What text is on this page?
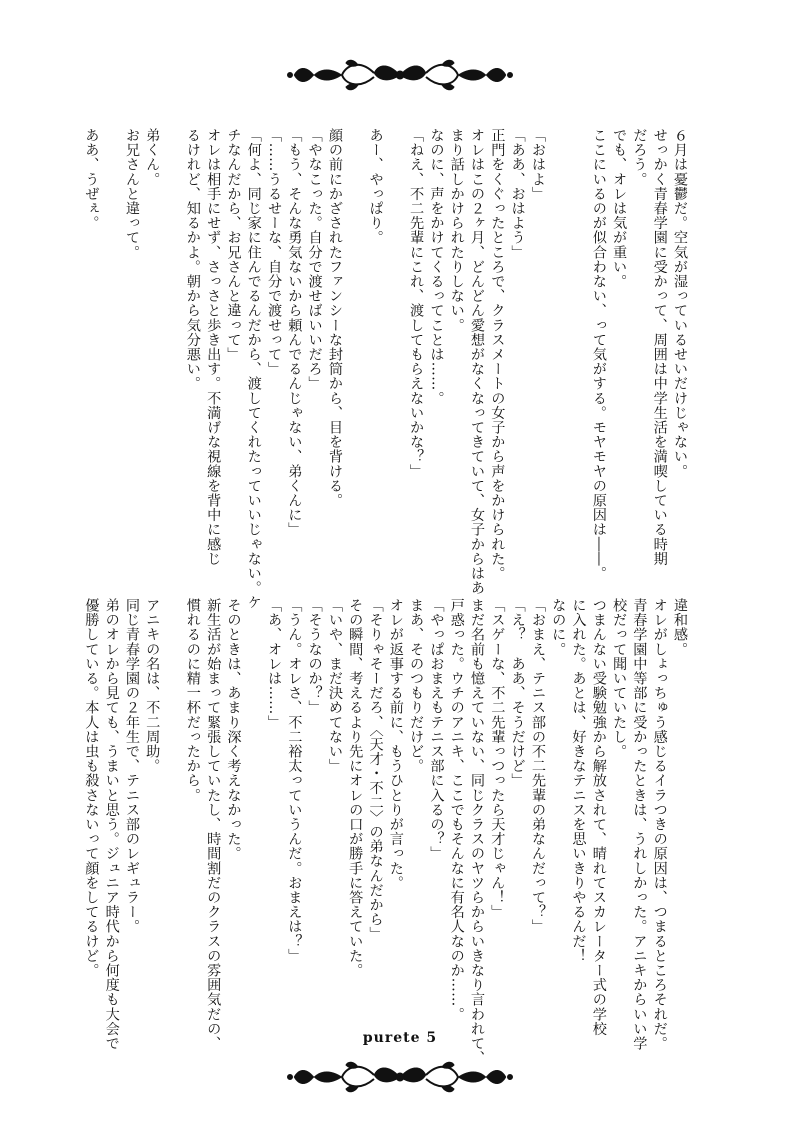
６月は憂鬱だ。空気が湿っているせいだけじゃない。
せっかく青春学園に受かって、周囲は中学生活を満喫している時期
だろう。
でも、オレは気が重い。
ここにいるのが似合わない、って気がする。モヤモヤの原因は――。

「おはよ」
「ああ、おはよう」
正門をくぐったところで、クラスメートの女子から声をかけられた。
オレはこの２ヶ月、どんどん愛想がなくなってきていて、女子からはあ
まり話しかけられたりしない。
なのに、声をかけてくるってことは……。
「ねえ、不二先輩にこれ、渡してもらえないかな？」

あー、やっぱり。

顔の前にかざされたファンシーな封筒から、目を背ける。
「やなこった。自分で渡せばいいだろ」
「もう、そんな勇気ないから頼んでるんじゃない、弟くんに」
「……うるせーな、自分で渡せって」
「何よ、同じ家に住んでるんだから、渡してくれたっていいじゃない。ケ
チなんだから、お兄さんと違って」
オレは相手にせず、さっさと歩き出す。不満げな視線を背中に感じ
るけれど、知るかよ。朝から気分悪い。

弟くん。
お兄さんと違って。

ああ、うぜぇ。
違和感。
オレがしょっちゅう感じるイラつきの原因は、つまるところそれだ。
青春学園中等部に受かったときは、うれしかった。アニキからいい学
校だって聞いていたし。
つまんない受験勉強から解放されて、晴れてスカレーター式の学校
に入れた。あとは、好きなテニスを思いきりやるんだ！
なのに。
「おまえ、テニス部の不二先輩の弟なんだって？」
「え？　ああ、そうだけど」
「スゲーな、不二先輩っつったら天才じゃん！」
まだ名前も憶えていない、同じクラスのヤツらからいきなり言われて、
戸惑った。ウチのアニキ、ここでもそんなに有名人なのか……。
「やっぱおまえもテニス部に入るの？」
まあ、そのつもりだけど。
オレが返事する前に、もうひとりが言った。
「そりゃそーだろ、〈天才・不二〉の弟なんだから」
その瞬間、考えるより先にオレの口が勝手に答えていた。
「いや、まだ決めてない」
「そうなのか？」
「うん。オレさ、不二裕太っていうんだ。おまえは？」
「あ、オレは……」

そのときは、あまり深く考えなかった。
新生活が始まって緊張していたし、時間割だのクラスの雰囲気だの、
慣れるのに精一杯だったから。

アニキの名は、不二周助。
同じ青春学園の２年生で、テニス部のレギュラー。
弟のオレから見ても、うまいと思う。ジュニア時代から何度も大会で
優勝している。本人は虫も殺さないって顔をしてるけど。
purete 5
